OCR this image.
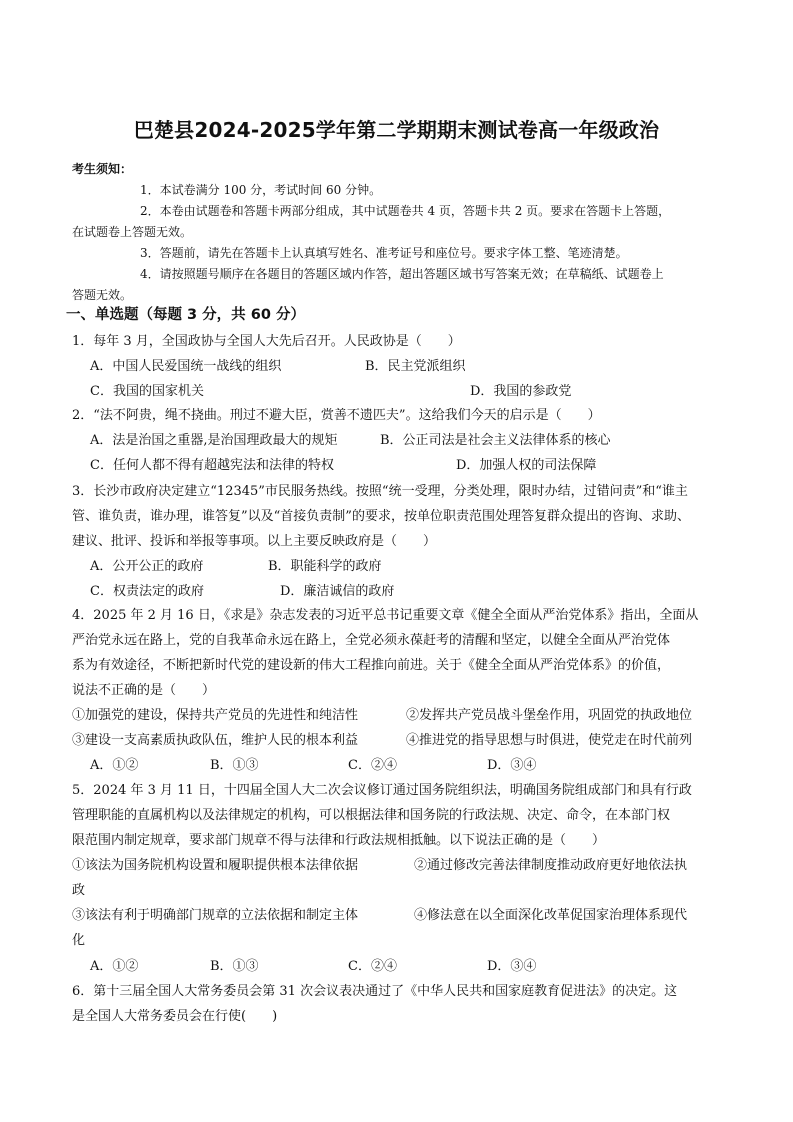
巴楚县2024-2025学年第二学期期末测试卷高一年级政治
考生须知：
1．本试卷满分 100 分，考试时间 60 分钟。
2．本卷由试题卷和答题卡两部分组成，其中试题卷共 4 页，答题卡共 2 页。要求在答题卡上答题，
在试题卷上答题无效。
3．答题前，请先在答题卡上认真填写姓名、准考证号和座位号。要求字体工整、笔迹清楚。
4．请按照题号顺序在各题目的答题区域内作答，超出答题区域书写答案无效；在草稿纸、试题卷上
答题无效。
一、单选题（每题 3 分，共 60 分）
1．每年 3 月，全国政协与全国人大先后召开。人民政协是（　　）
A．中国人民爱国统一战线的组织	B．民主党派组织
C．我国的国家机关	D．我国的参政党
2．“法不阿贵，绳不挠曲。刑过不避大臣，赏善不遗匹夫”。这给我们今天的启示是（　　）
A．法是治国之重器,是治国理政最大的规矩	B．公正司法是社会主义法律体系的核心
C．任何人都不得有超越宪法和法律的特权	D．加强人权的司法保障
3．长沙市政府决定建立“12345”市民服务热线。按照“统一受理，分类处理，限时办结，过错问责”和“谁主
管、谁负责，谁办理，谁答复”以及“首接负责制”的要求，按单位职责范围处理答复群众提出的咨询、求助、
建议、批评、投诉和举报等事项。以上主要反映政府是（　　）
A．公开公正的政府	B．职能科学的政府
C．权责法定的政府	D．廉洁诚信的政府
4．2025 年 2 月 16 日，《求是》杂志发表的习近平总书记重要文章《健全全面从严治党体系》指出，全面从
严治党永远在路上，党的自我革命永远在路上，全党必须永葆赶考的清醒和坚定，以健全全面从严治党体
系为有效途径，不断把新时代党的建设新的伟大工程推向前进。关于《健全全面从严治党体系》的价值，
说法不正确的是（　　）
①加强党的建设，保持共产党员的先进性和纯洁性	②发挥共产党员战斗堡垒作用，巩固党的执政地位
③建设一支高素质执政队伍，维护人民的根本利益	④推进党的指导思想与时俱进，使党走在时代前列
A．①②	B．①③	C．②④	D．③④
5．2024 年 3 月 11 日，十四届全国人大二次会议修订通过国务院组织法，明确国务院组成部门和具有行政
管理职能的直属机构以及法律规定的机构，可以根据法律和国务院的行政法规、决定、命令，在本部门权
限范围内制定规章，要求部门规章不得与法律和行政法规相抵触。以下说法正确的是（　　）
①该法为国务院机构设置和履职提供根本法律依据	②通过修改完善法律制度推动政府更好地依法执
政
③该法有利于明确部门规章的立法依据和制定主体	④修法意在以全面深化改革促国家治理体系现代
化
A．①②	B．①③	C．②④	D．③④
6．第十三届全国人大常务委员会第 31 次会议表决通过了《中华人民共和国家庭教育促进法》的决定。这
是全国人大常务委员会在行使(　　)
